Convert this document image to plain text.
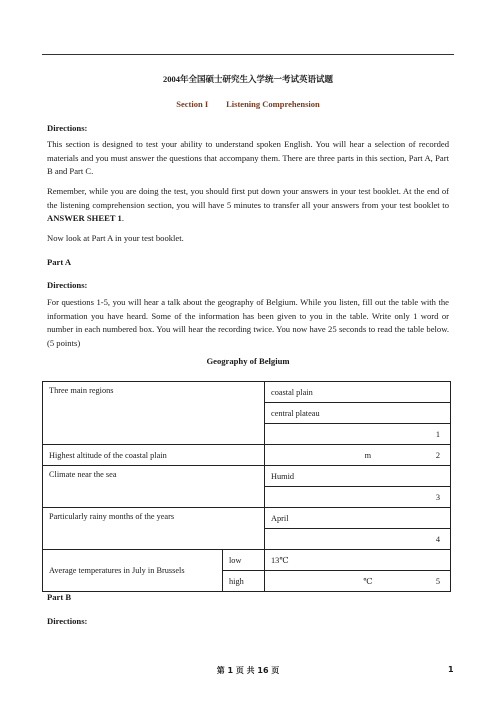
2004年全国硕士研究生入学统一考试英语试题
Section I Listening Comprehension
Directions:
This section is designed to test your ability to understand spoken English. You will hear a selection of recorded materials and you must answer the questions that accompany them. There are three parts in this section, Part A, Part B and Part C.
Remember, while you are doing the test, you should first put down your answers in your test booklet. At the end of the listening comprehension section, you will have 5 minutes to transfer all your answers from your test booklet to ANSWER SHEET 1.
Now look at Part A in your test booklet.
Part A
Directions:
For questions 1-5, you will hear a talk about the geography of Belgium. While you listen, fill out the table with the information you have heard. Some of the information has been given to you in the table. Write only 1 word or number in each numbered box. You will hear the recording twice. You now have 25 seconds to read the table below. (5 points)
Geography of Belgium
Three main regions		coastal plain
		central plateau
		1
Highest altitude of the coastal plain		m 2
Climate near the sea		Humid
		3
Particularly rainy months of the years		April
		4
Average temperatures in July in Brussels	low	13℃
	high	℃ 5
Part B
Directions:
第 1 页 共 16 页	1
